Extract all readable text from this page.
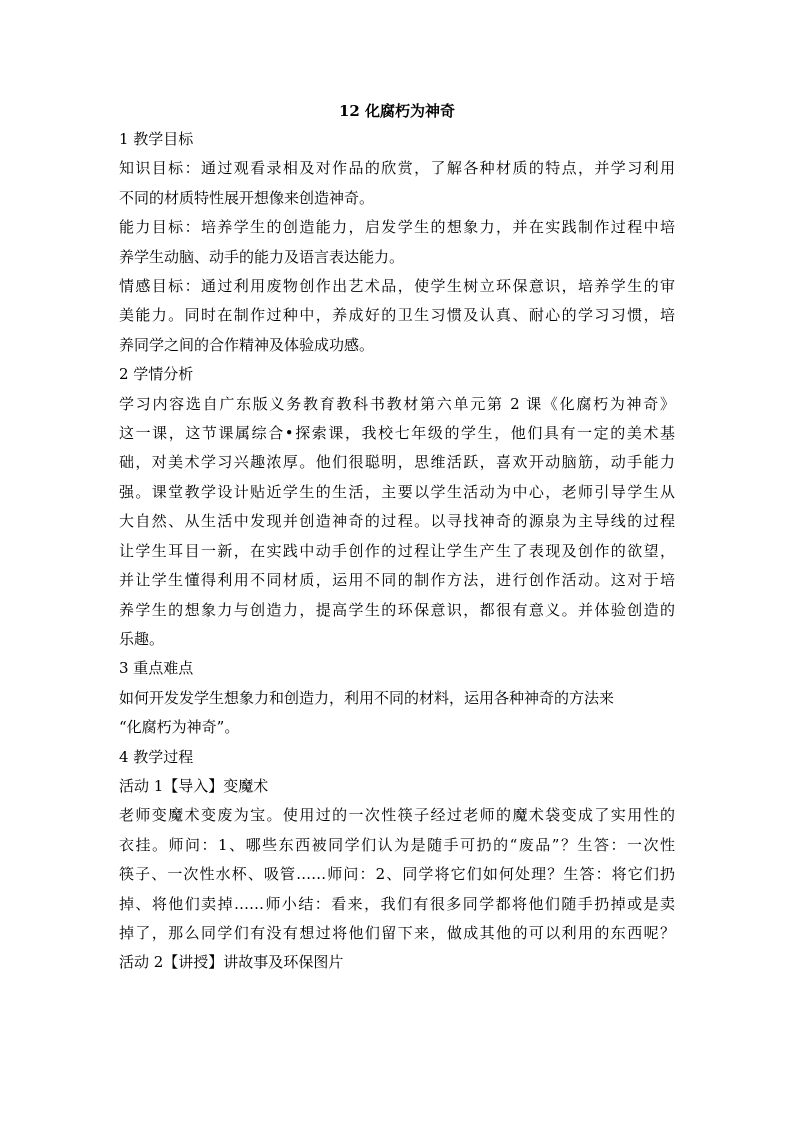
12 化腐朽为神奇

1 教学目标

知识目标：通过观看录相及对作品的欣赏，了解各种材质的特点，并学习利用

不同的材质特性展开想像来创造神奇。

能力目标：培养学生的创造能力，启发学生的想象力，并在实践制作过程中培

养学生动脑、动手的能力及语言表达能力。

情感目标：通过利用废物创作出艺术品，使学生树立环保意识，培养学生的审

美能力。同时在制作过种中，养成好的卫生习惯及认真、耐心的学习习惯，培

养同学之间的合作精神及体验成功感。

2 学情分析

学习内容选自广东版义务教育教科书教材第六单元第 2 课《化腐朽为神奇》

这一课，这节课属综合•探索课，我校七年级的学生，他们具有一定的美术基

础，对美术学习兴趣浓厚。他们很聪明，思维活跃，喜欢开动脑筋，动手能力

强。课堂教学设计贴近学生的生活，主要以学生活动为中心，老师引导学生从

大自然、从生活中发现并创造神奇的过程。以寻找神奇的源泉为主导线的过程

让学生耳目一新，在实践中动手创作的过程让学生产生了表现及创作的欲望，

并让学生懂得利用不同材质，运用不同的制作方法，进行创作活动。这对于培

养学生的想象力与创造力，提高学生的环保意识，都很有意义。并体验创造的

乐趣。

3 重点难点

如何开发发学生想象力和创造力，利用不同的材料，运用各种神奇的方法来

“化腐朽为神奇”。

4 教学过程

活动 1【导入】变魔术

老师变魔术变废为宝。使用过的一次性筷子经过老师的魔术袋变成了实用性的

衣挂。师问：1、哪些东西被同学们认为是随手可扔的“废品”？生答：一次性

筷子、一次性水杯、吸管……师问：2、同学将它们如何处理？生答：将它们扔

掉、将他们卖掉……师小结：看来，我们有很多同学都将他们随手扔掉或是卖

掉了，那么同学们有没有想过将他们留下来，做成其他的可以利用的东西呢？

活动 2【讲授】讲故事及环保图片
